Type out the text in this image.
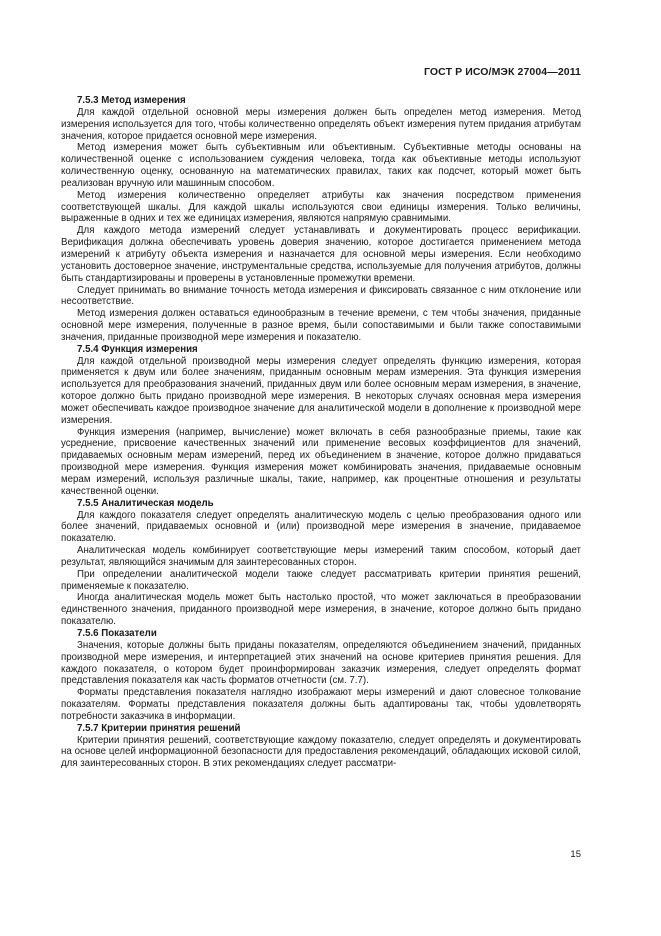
ГОСТ Р ИСО/МЭК 27004—2011
7.5.3 Метод измерения

Для каждой отдельной основной меры измерения должен быть определен метод измерения. Метод измерения используется для того, чтобы количественно определять объект измерения путем придания атрибутам значения, которое придается основной мере измерения.

Метод измерения может быть субъективным или объективным. Субъективные методы основаны на количественной оценке с использованием суждения человека, тогда как объективные методы используют количественную оценку, основанную на математических правилах, таких как подсчет, который может быть реализован вручную или машинным способом.

Метод измерения количественно определяет атрибуты как значения посредством применения соответствующей шкалы. Для каждой шкалы используются свои единицы измерения. Только величины, выраженные в одних и тех же единицах измерения, являются напрямую сравнимыми.

Для каждого метода измерений следует устанавливать и документировать процесс верификации. Верификация должна обеспечивать уровень доверия значению, которое достигается применением метода измерений к атрибуту объекта измерения и назначается для основной меры измерения. Если необходимо установить достоверное значение, инструментальные средства, используемые для получения атрибутов, должны быть стандартизированы и проверены в установленные промежутки времени.

Следует принимать во внимание точность метода измерения и фиксировать связанное с ним отклонение или несоответствие.

Метод измерения должен оставаться единообразным в течение времени, с тем чтобы значения, приданные основной мере измерения, полученные в разное время, были сопоставимыми и были также сопоставимыми значения, приданные производной мере измерения и показателю.

7.5.4 Функция измерения

Для каждой отдельной производной меры измерения следует определять функцию измерения, которая применяется к двум или более значениям, приданным основным мерам измерения. Эта функция измерения используется для преобразования значений, приданных двум или более основным мерам измерения, в значение, которое должно быть придано производной мере измерения. В некоторых случаях основная мера измерения может обеспечивать каждое производное значение для аналитической модели в дополнение к производной мере измерения.

Функция измерения (например, вычисление) может включать в себя разнообразные приемы, такие как усреднение, присвоение качественных значений или применение весовых коэффициентов для значений, придаваемых основным мерам измерений, перед их объединением в значение, которое должно придаваться производной мере измерения. Функция измерения может комбинировать значения, придаваемые основным мерам измерений, используя различные шкалы, такие, например, как процентные отношения и результаты качественной оценки.

7.5.5 Аналитическая модель

Для каждого показателя следует определять аналитическую модель с целью преобразования одного или более значений, придаваемых основной и (или) производной мере измерения в значение, придаваемое показателю.

Аналитическая модель комбинирует соответствующие меры измерений таким способом, который дает результат, являющийся значимым для заинтересованных сторон.

При определении аналитической модели также следует рассматривать критерии принятия решений, применяемые к показателю.

Иногда аналитическая модель может быть настолько простой, что может заключаться в преобразовании единственного значения, приданного производной мере измерения, в значение, которое должно быть придано показателю.

7.5.6 Показатели

Значения, которые должны быть приданы показателям, определяются объединением значений, приданных производной мере измерения, и интерпретацией этих значений на основе критериев принятия решения. Для каждого показателя, о котором будет проинформирован заказчик измерения, следует определять формат представления показателя как часть форматов отчетности (см. 7.7).

Форматы представления показателя наглядно изображают меры измерений и дают словесное толкование показателям. Форматы представления показателя должны быть адаптированы так, чтобы удовлетворять потребности заказчика в информации.

7.5.7 Критерии принятия решений

Критерии принятия решений, соответствующие каждому показателю, следует определять и документировать на основе целей информационной безопасности для предоставления рекомендаций, обладающих исковой силой, для заинтересованных сторон. В этих рекомендациях следует рассматри-

15
